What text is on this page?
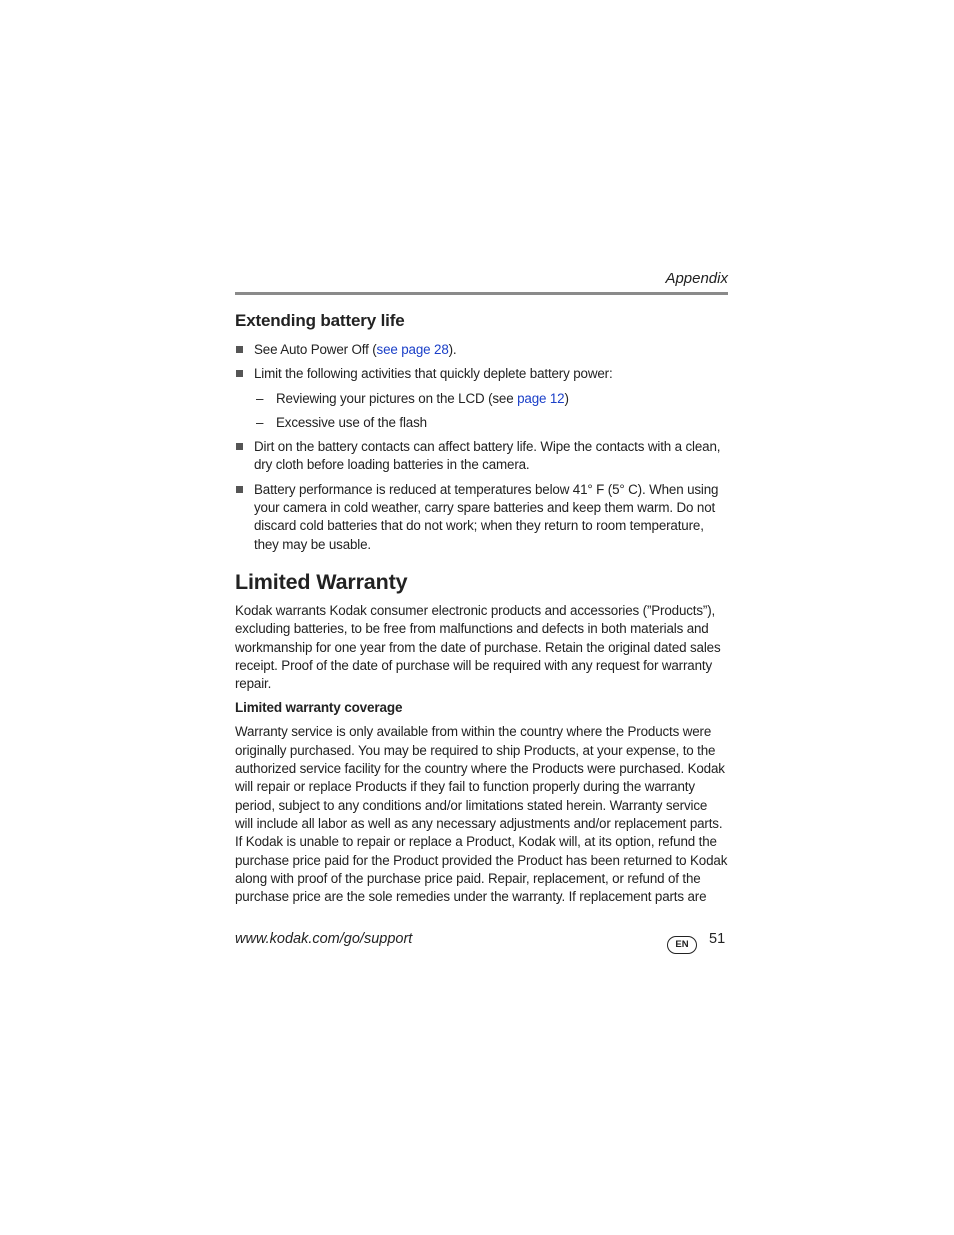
Appendix
Extending battery life
See Auto Power Off (see page 28).
Limit the following activities that quickly deplete battery power:
– Reviewing your pictures on the LCD (see page 12)
– Excessive use of the flash
Dirt on the battery contacts can affect battery life. Wipe the contacts with a clean, dry cloth before loading batteries in the camera.
Battery performance is reduced at temperatures below 41° F (5° C). When using your camera in cold weather, carry spare batteries and keep them warm. Do not discard cold batteries that do not work; when they return to room temperature, they may be usable.
Limited Warranty

Kodak warrants Kodak consumer electronic products and accessories (”Products”), excluding batteries, to be free from malfunctions and defects in both materials and workmanship for one year from the date of purchase. Retain the original dated sales receipt. Proof of the date of purchase will be required with any request for warranty repair.

Limited warranty coverage

Warranty service is only available from within the country where the Products were originally purchased. You may be required to ship Products, at your expense, to the authorized service facility for the country where the Products were purchased. Kodak will repair or replace Products if they fail to function properly during the warranty period, subject to any conditions and/or limitations stated herein. Warranty service will include all labor as well as any necessary adjustments and/or replacement parts. If Kodak is unable to repair or replace a Product, Kodak will, at its option, refund the purchase price paid for the Product provided the Product has been returned to Kodak along with proof of the purchase price paid. Repair, replacement, or refund of the purchase price are the sole remedies under the warranty. If replacement parts are

www.kodak.com/go/support	EN	51
